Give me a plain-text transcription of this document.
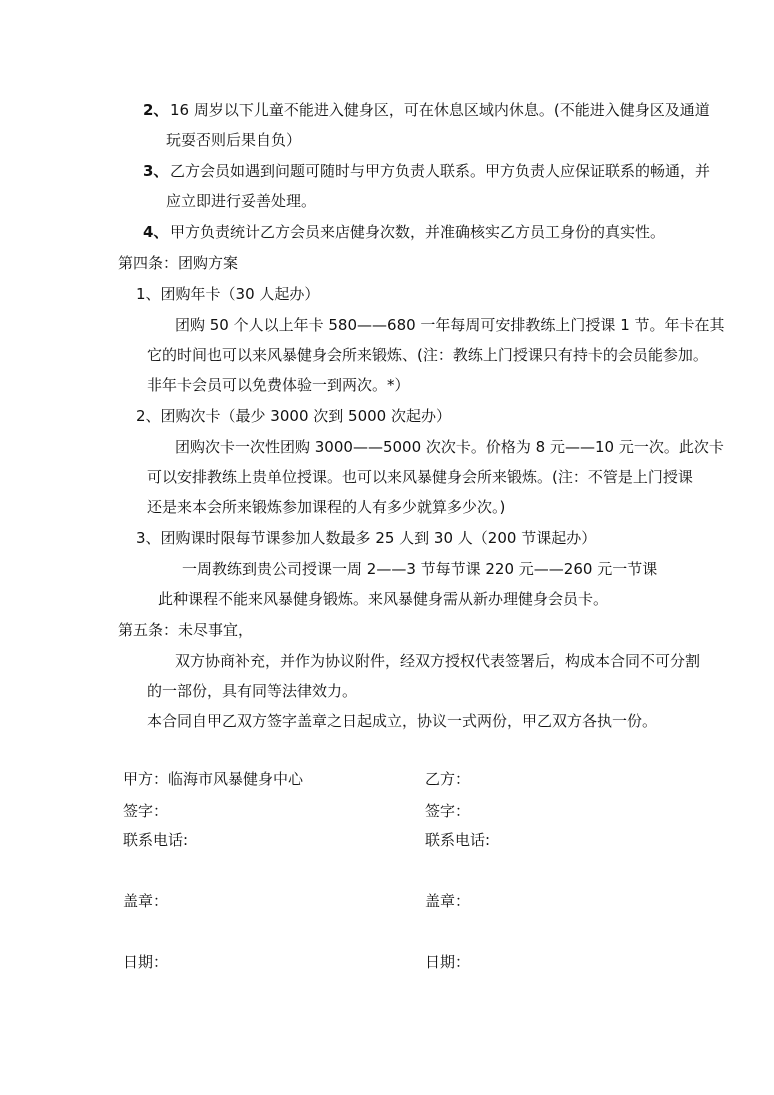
2、 16 周岁以下儿童不能进入健身区，可在休息区域内休息。(不能进入健身区及通道
玩耍否则后果自负）
3、 乙方会员如遇到问题可随时与甲方负责人联系。甲方负责人应保证联系的畅通，并
应立即进行妥善处理。
4、 甲方负责统计乙方会员来店健身次数，并准确核实乙方员工身份的真实性。
第四条：团购方案
1、团购年卡（30 人起办）
团购 50 个人以上年卡 580——680 一年每周可安排教练上门授课 1 节。年卡在其
它的时间也可以来风暴健身会所来锻炼、(注：教练上门授课只有持卡的会员能参加。
非年卡会员可以免费体验一到两次。*）
2、团购次卡（最少 3000 次到 5000 次起办）
团购次卡一次性团购 3000——5000 次次卡。价格为 8 元——10 元一次。此次卡
可以安排教练上贵单位授课。也可以来风暴健身会所来锻炼。(注：不管是上门授课
还是来本会所来锻炼参加课程的人有多少就算多少次。)
3、团购课时限每节课参加人数最多 25 人到 30 人（200 节课起办）
一周教练到贵公司授课一周 2——3 节每节课 220 元——260 元一节课
此种课程不能来风暴健身锻炼。来风暴健身需从新办理健身会员卡。
第五条：未尽事宜，
双方协商补充，并作为协议附件，经双方授权代表签署后，构成本合同不可分割
的一部份，具有同等法律效力。
本合同自甲乙双方签字盖章之日起成立，协议一式两份，甲乙双方各执一份。
甲方：临海市风暴健身中心	乙方：
签字：	签字：
联系电话:	联系电话:
盖章：	盖章：
日期：	日期：
